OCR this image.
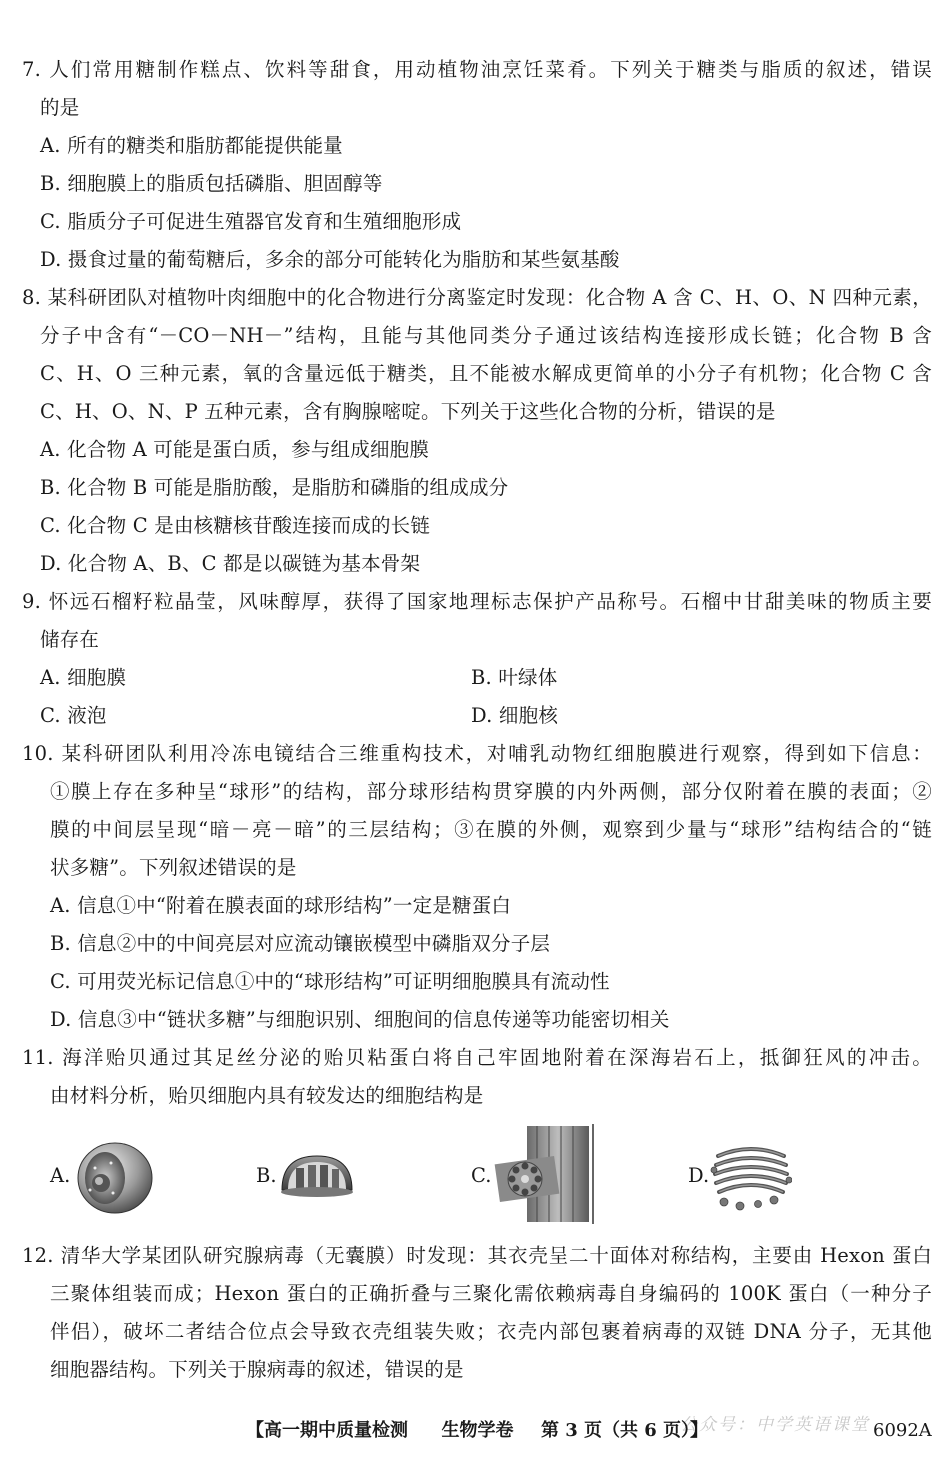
7. 人们常用糖制作糕点、饮料等甜食，用动植物油烹饪菜肴。下列关于糖类与脂质的叙述，错误
的是
A. 所有的糖类和脂肪都能提供能量
B. 细胞膜上的脂质包括磷脂、胆固醇等
C. 脂质分子可促进生殖器官发育和生殖细胞形成
D. 摄食过量的葡萄糖后，多余的部分可能转化为脂肪和某些氨基酸
8. 某科研团队对植物叶肉细胞中的化合物进行分离鉴定时发现：化合物 A 含 C、H、O、N 四种元素，
分子中含有“－CO－NH－”结构，且能与其他同类分子通过该结构连接形成长链；化合物 B 含
C、H、O 三种元素，氧的含量远低于糖类，且不能被水解成更简单的小分子有机物；化合物 C 含
C、H、O、N、P 五种元素，含有胸腺嘧啶。下列关于这些化合物的分析，错误的是
A. 化合物 A 可能是蛋白质，参与组成细胞膜
B. 化合物 B 可能是脂肪酸，是脂肪和磷脂的组成成分
C. 化合物 C 是由核糖核苷酸连接而成的长链
D. 化合物 A、B、C 都是以碳链为基本骨架
9. 怀远石榴籽粒晶莹，风味醇厚，获得了国家地理标志保护产品称号。石榴中甘甜美味的物质主要
储存在
A. 细胞膜	B. 叶绿体
C. 液泡	D. 细胞核
10. 某科研团队利用冷冻电镜结合三维重构技术，对哺乳动物红细胞膜进行观察，得到如下信息：
①膜上存在多种呈“球形”的结构，部分球形结构贯穿膜的内外两侧，部分仅附着在膜的表面；②
膜的中间层呈现“暗－亮－暗”的三层结构；③在膜的外侧，观察到少量与“球形”结构结合的“链
状多糖”。下列叙述错误的是
A. 信息①中“附着在膜表面的球形结构”一定是糖蛋白
B. 信息②中的中间亮层对应流动镶嵌模型中磷脂双分子层
C. 可用荧光标记信息①中的“球形结构”可证明细胞膜具有流动性
D. 信息③中“链状多糖”与细胞识别、细胞间的信息传递等功能密切相关
11. 海洋贻贝通过其足丝分泌的贻贝粘蛋白将自己牢固地附着在深海岩石上，抵御狂风的冲击。
由材料分析，贻贝细胞内具有较发达的细胞结构是
A.	B.	C.	D.
12. 清华大学某团队研究腺病毒（无囊膜）时发现：其衣壳呈二十面体对称结构，主要由 Hexon 蛋白
三聚体组装而成；Hexon 蛋白的正确折叠与三聚化需依赖病毒自身编码的 100K 蛋白（一种分子
伴侣），破坏二者结合位点会导致衣壳组装失败；衣壳内部包裹着病毒的双链 DNA 分子，无其他
细胞器结构。下列关于腺病毒的叙述，错误的是
公众号：中学英语课堂
【高一期中质量检测 生物学卷 第 3 页（共 6 页）】	6092A
